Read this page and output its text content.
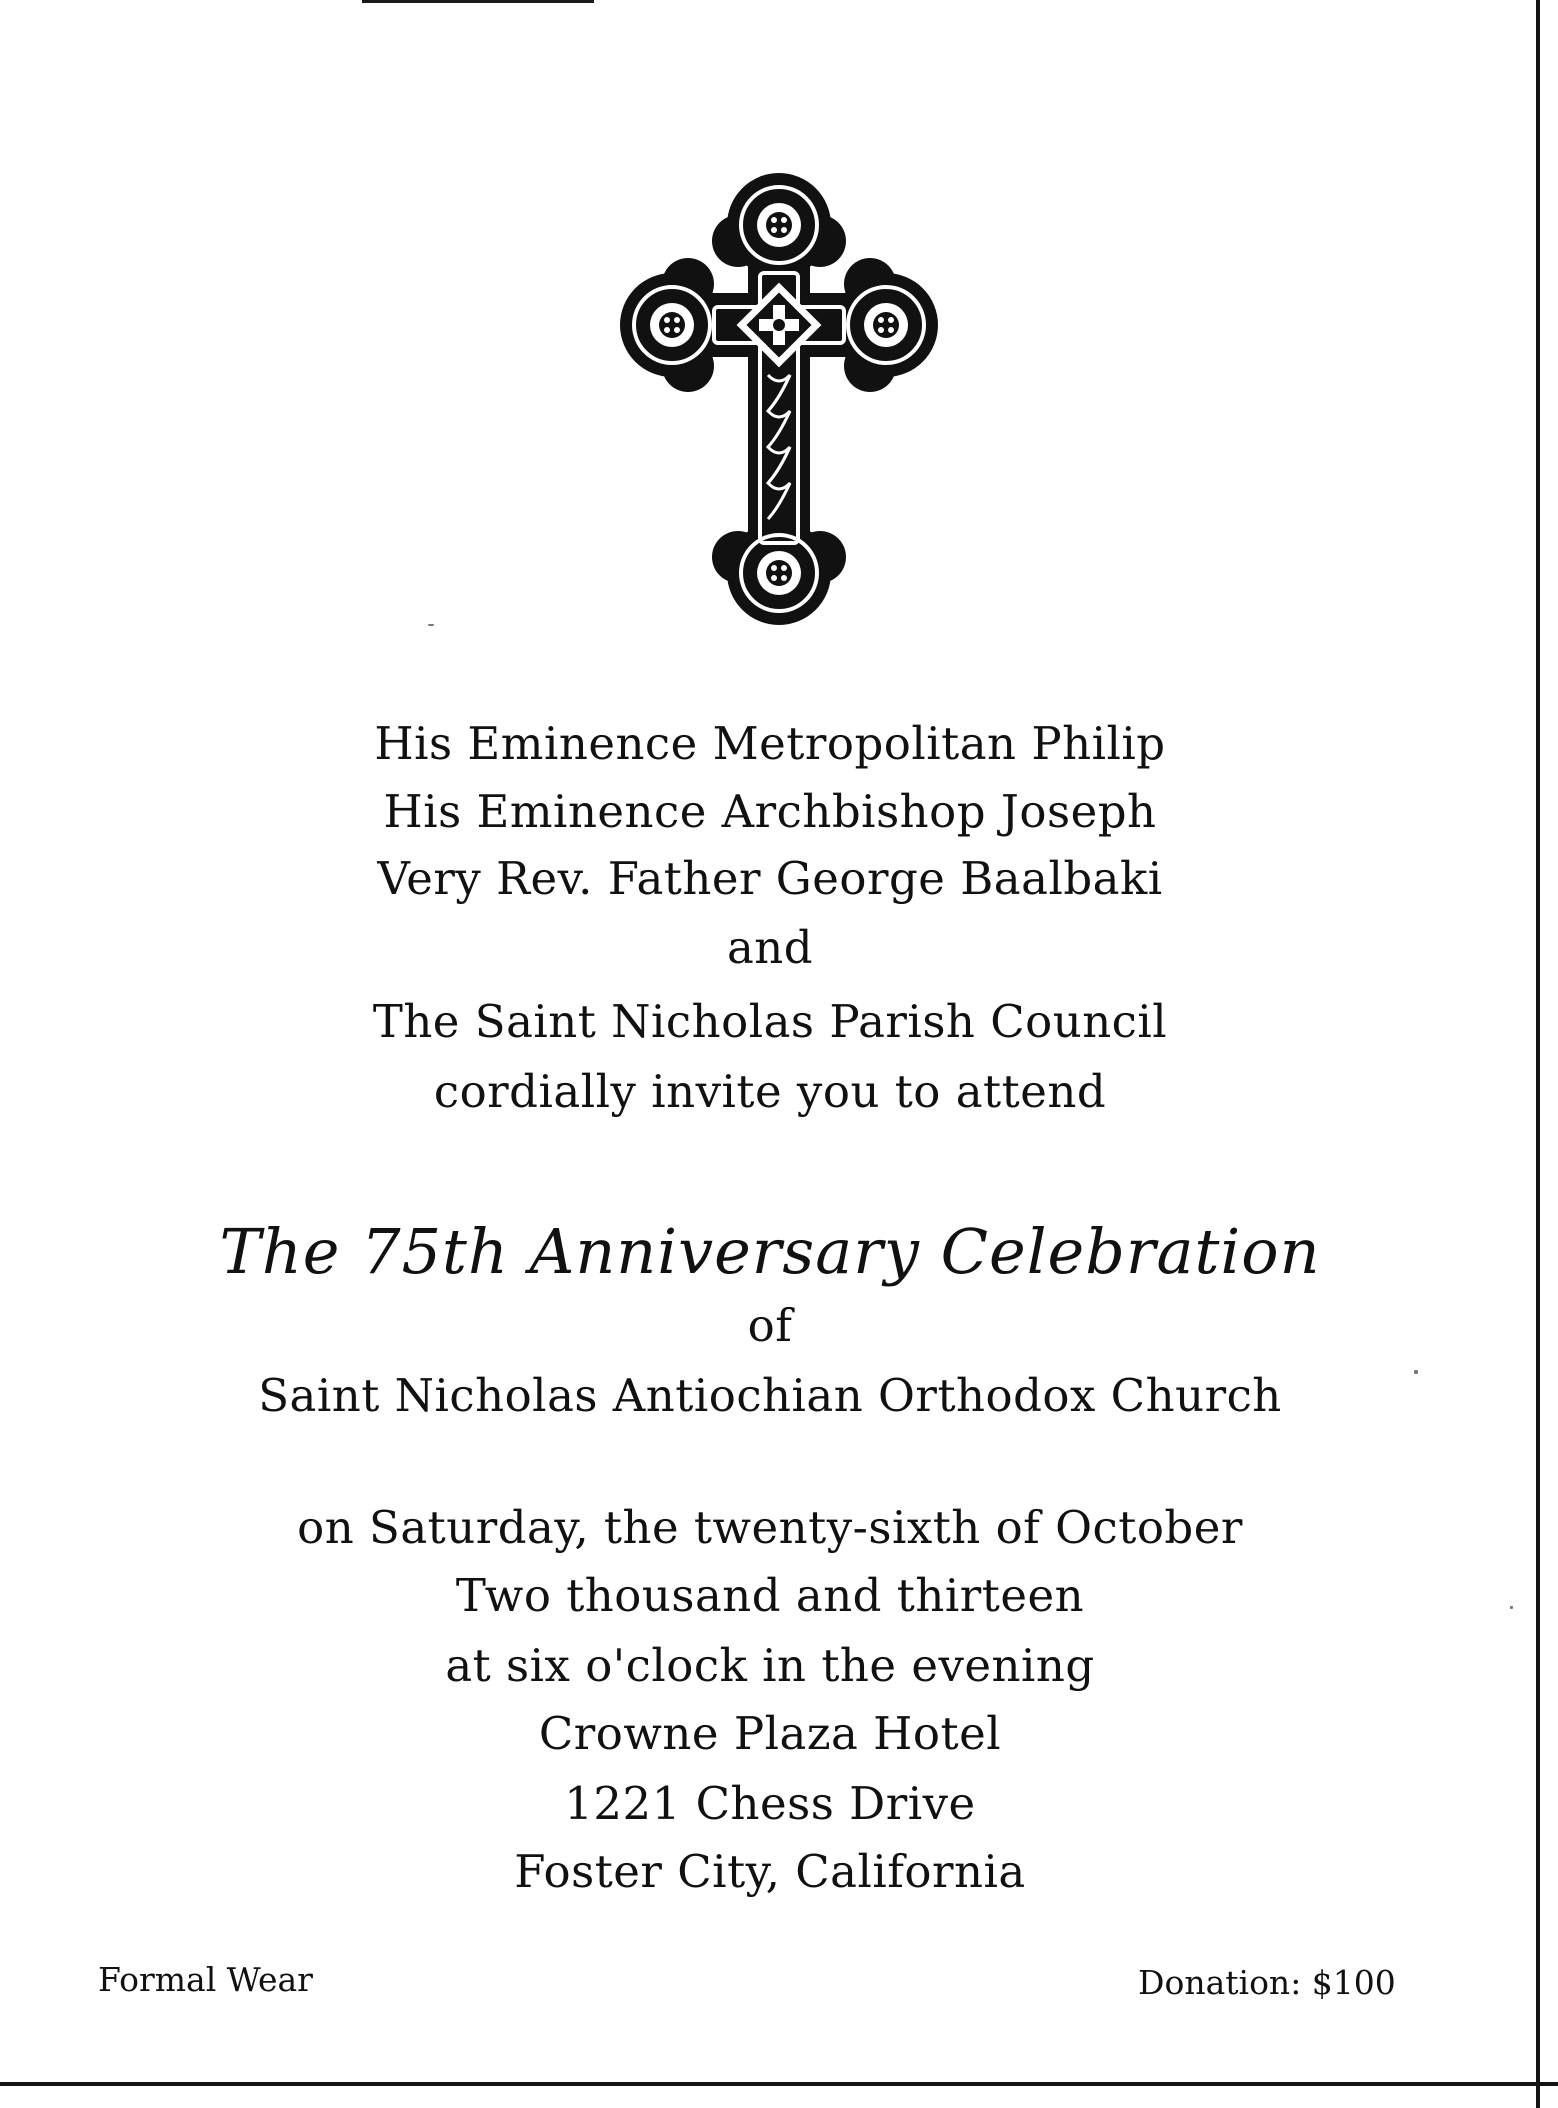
His Eminence Metropolitan Philip
His Eminence Archbishop Joseph
Very Rev. Father George Baalbaki
and
The Saint Nicholas Parish Council
cordially invite you to attend
The 75th Anniversary Celebration
of
Saint Nicholas Antiochian Orthodox Church
on Saturday, the twenty-sixth of October
Two thousand and thirteen
at six o'clock in the evening
Crowne Plaza Hotel
1221 Chess Drive
Foster City, California
Formal Wear	Donation: $100
